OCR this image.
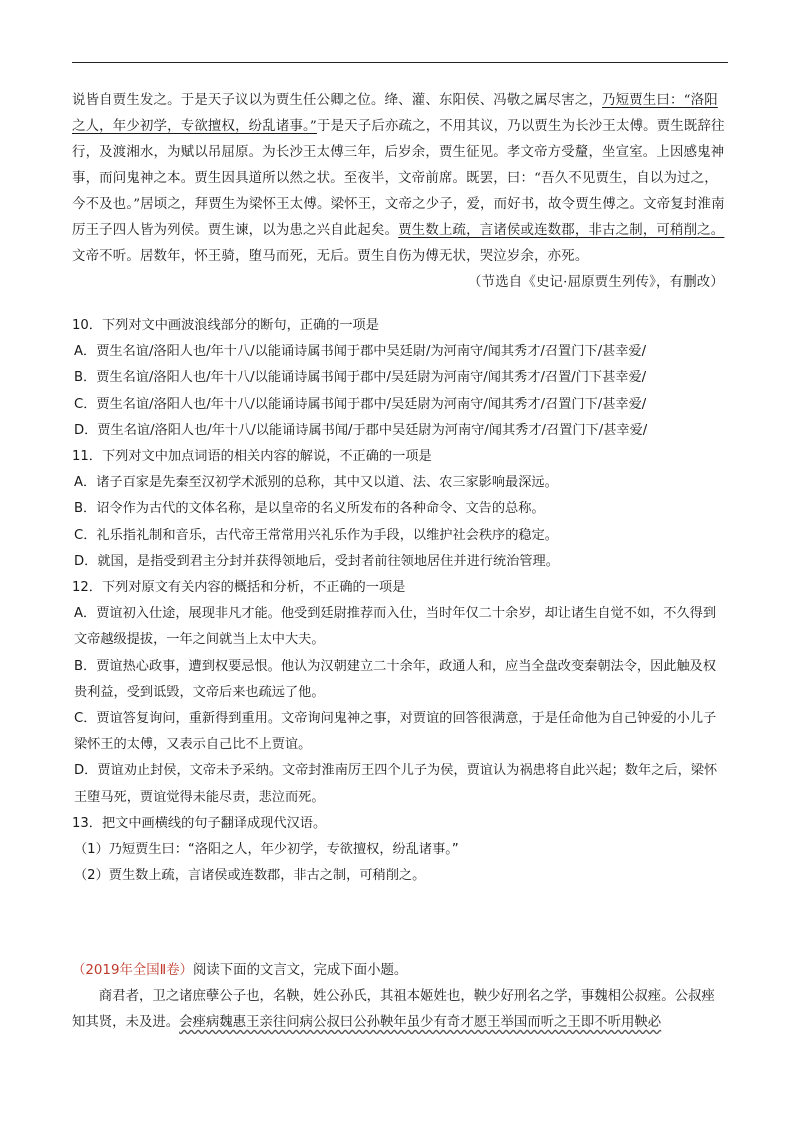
说皆自贾生发之。于是天子议以为贾生任公卿之位。绛、灌、东阳侯、冯敬之属尽害之，乃短贾生曰：“洛阳之人，年少初学，专欲擅权，纷乱诸事。”于是天子后亦疏之，不用其议，乃以贾生为长沙王太傅。贾生既辞往行，及渡湘水，为赋以吊屈原。为长沙王太傅三年，后岁余，贾生征见。孝文帝方受釐，坐宣室。上因感鬼神事，而问鬼神之本。贾生因具道所以然之状。至夜半，文帝前席。既罢，曰：“吾久不见贾生，自以为过之，今不及也。”居顷之，拜贾生为梁怀王太傅。梁怀王，文帝之少子，爱，而好书，故令贾生傅之。文帝复封淮南厉王子四人皆为列侯。贾生谏，以为患之兴自此起矣。贾生数上疏，言诸侯或连数郡，非古之制，可稍削之。文帝不听。居数年，怀王骑，堕马而死，无后。贾生自伤为傅无状，哭泣岁余，亦死。

（节选自《史记·屈原贾生列传》，有删改）

10．下列对文中画波浪线部分的断句，正确的一项是

A．贾生名谊/洛阳人也/年十八/以能诵诗属书闻于郡中吴廷尉/为河南守/闻其秀才/召置门下/甚幸爱/

B．贾生名谊/洛阳人也/年十八/以能诵诗属书闻于郡中/吴廷尉为河南守/闻其秀才/召置/门下甚幸爱/

C．贾生名谊/洛阳人也/年十八/以能诵诗属书闻于郡中/吴廷尉为河南守/闻其秀才/召置门下/甚幸爱/

D．贾生名谊/洛阳人也/年十八/以能诵诗属书闻/于郡中吴廷尉为河南守/闻其秀才/召置门下/甚幸爱/

11．下列对文中加点词语的相关内容的解说，不正确的一项是

A．诸子百家是先秦至汉初学术派别的总称，其中又以道、法、农三家影响最深远。

B．诏令作为古代的文体名称，是以皇帝的名义所发布的各种命令、文告的总称。

C．礼乐指礼制和音乐，古代帝王常常用兴礼乐作为手段，以维护社会秩序的稳定。

D．就国，是指受到君主分封并获得领地后，受封者前往领地居住并进行统治管理。

12．下列对原文有关内容的概括和分析，不正确的一项是

A．贾谊初入仕途，展现非凡才能。他受到廷尉推荐而入仕，当时年仅二十余岁，却让诸生自觉不如，不久得到文帝越级提拔，一年之间就当上太中大夫。

B．贾谊热心政事，遭到权要忌恨。他认为汉朝建立二十余年，政通人和，应当全盘改变秦朝法令，因此触及权贵利益，受到诋毁，文帝后来也疏远了他。

C．贾谊答复询问，重新得到重用。文帝询问鬼神之事，对贾谊的回答很满意，于是任命他为自己钟爱的小儿子梁怀王的太傅，又表示自己比不上贾谊。

D．贾谊劝止封侯，文帝未予采纳。文帝封淮南厉王四个儿子为侯，贾谊认为祸患将自此兴起；数年之后，梁怀王堕马死，贾谊觉得未能尽责，悲泣而死。

13．把文中画横线的句子翻译成现代汉语。

（1）乃短贾生曰：“洛阳之人，年少初学，专欲擅权，纷乱诸事。”

（2）贾生数上疏，言诸侯或连数郡，非古之制，可稍削之。

（2019年全国Ⅱ卷）阅读下面的文言文，完成下面小题。

商君者，卫之诸庶孽公子也，名鞅，姓公孙氏，其祖本姬姓也，鞅少好刑名之学，事魏相公叔痤。公叔痤知其贤，未及进。会痤病魏惠王亲往问病公叔曰公孙鞅年虽少有奇才愿王举国而听之王即不听用鞅必
